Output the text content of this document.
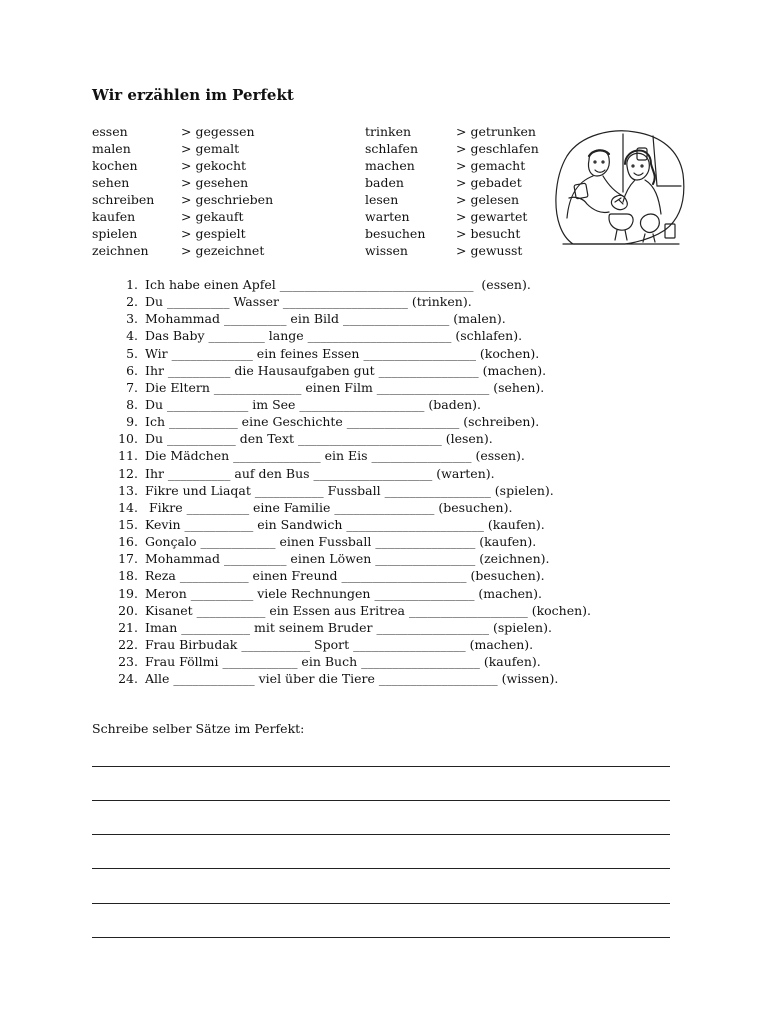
Wir erzählen im Perfekt
essen	> gegessen	trinken	> getrunken
malen	> gemalt	schlafen	> geschlafen
kochen	> gekocht	machen	> gemacht
sehen	> gesehen	baden	> gebadet
schreiben > geschrieben	lesen	> gelesen
kaufen	> gekauft	warten	> gewartet
spielen	> gespielt	besuchen > besucht
zeichnen	> gezeichnet	wissen	> gewusst
1. Ich habe einen Apfel _______________________________  (essen).
2. Du __________ Wasser ____________________ (trinken).
3. Mohammad __________ ein Bild _________________ (malen).
4. Das Baby _________ lange _______________________ (schlafen).
5. Wir _____________ ein feines Essen __________________ (kochen).
6. Ihr __________ die Hausaufgaben gut ________________ (machen).
7. Die Eltern ______________ einen Film __________________ (sehen).
8. Du _____________ im See ____________________ (baden).
9. Ich ___________ eine Geschichte __________________ (schreiben).
10. Du ___________ den Text _______________________ (lesen).
11. Die Mädchen ______________ ein Eis ________________ (essen).
12. Ihr __________ auf den Bus ___________________ (warten).
13. Fikre und Liaqat ___________ Fussball _________________ (spielen).
14. Fikre __________ eine Familie ________________ (besuchen).
15. Kevin ___________ ein Sandwich ______________________ (kaufen).
16. Gonçalo ____________ einen Fussball ________________ (kaufen).
17. Mohammad __________ einen Löwen ________________ (zeichnen).
18. Reza ___________ einen Freund ____________________ (besuchen).
19. Meron __________ viele Rechnungen ________________ (machen).
20. Kisanet ___________ ein Essen aus Eritrea ___________________ (kochen).
21. Iman ___________ mit seinem Bruder __________________ (spielen).
22. Frau Birbudak ___________ Sport __________________ (machen).
23. Frau Föllmi ____________ ein Buch ___________________ (kaufen).
24. Alle _____________ viel über die Tiere ___________________ (wissen).
Schreibe selber Sätze im Perfekt:
